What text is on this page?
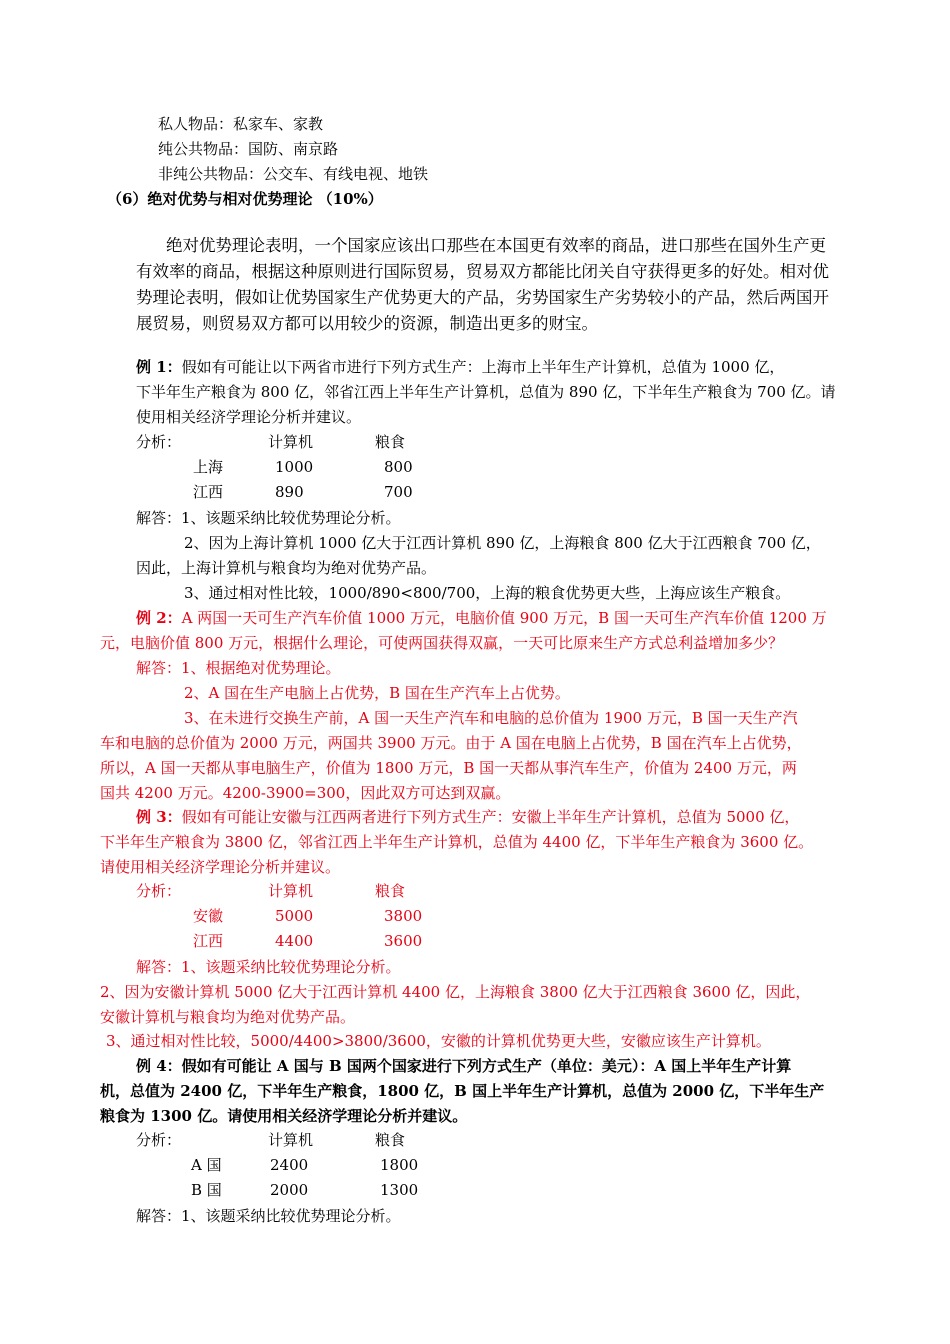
私人物品：私家车、家教
纯公共物品：国防、南京路
非纯公共物品：公交车、有线电视、地铁
（6）绝对优势与相对优势理论 （10%）
绝对优势理论表明，一个国家应该出口那些在本国更有效率的商品，进口那些在国外生产更
有效率的商品，根据这种原则进行国际贸易，贸易双方都能比闭关自守获得更多的好处。相对优
势理论表明，假如让优势国家生产优势更大的产品，劣势国家生产劣势较小的产品，然后两国开
展贸易，则贸易双方都可以用较少的资源，制造出更多的财宝。
例 1：假如有可能让以下两省市进行下列方式生产：上海市上半年生产计算机，总值为 1000 亿，
下半年生产粮食为 800 亿，邻省江西上半年生产计算机，总值为 890 亿，下半年生产粮食为 700 亿。请
使用相关经济学理论分析并建议。
分析：	计算机	粮食
上海	1000	800
江西	890	700
解答：1、该题采纳比较优势理论分析。
2、因为上海计算机 1000 亿大于江西计算机 890 亿，上海粮食 800 亿大于江西粮食 700 亿，
因此，上海计算机与粮食均为绝对优势产品。
3、通过相对性比较，1000/890<800/700，上海的粮食优势更大些，上海应该生产粮食。
例 2：A 两国一天可生产汽车价值 1000 万元，电脑价值 900 万元，B 国一天可生产汽车价值 1200 万
元，电脑价值 800 万元，根据什么理论，可使两国获得双赢，一天可比原来生产方式总利益增加多少？
解答：1、根据绝对优势理论。
2、A 国在生产电脑上占优势，B 国在生产汽车上占优势。
3、在未进行交换生产前，A 国一天生产汽车和电脑的总价值为 1900 万元，B 国一天生产汽
车和电脑的总价值为 2000 万元，两国共 3900 万元。由于 A 国在电脑上占优势，B 国在汽车上占优势，
所以，A 国一天都从事电脑生产，价值为 1800 万元，B 国一天都从事汽车生产，价值为 2400 万元，两
国共 4200 万元。4200-3900=300，因此双方可达到双赢。
例 3：假如有可能让安徽与江西两者进行下列方式生产：安徽上半年生产计算机，总值为 5000 亿，
下半年生产粮食为 3800 亿，邻省江西上半年生产计算机，总值为 4400 亿，下半年生产粮食为 3600 亿。
请使用相关经济学理论分析并建议。
分析：	计算机	粮食
安徽	5000	3800
江西	4400	3600
解答：1、该题采纳比较优势理论分析。
2、因为安徽计算机 5000 亿大于江西计算机 4400 亿，上海粮食 3800 亿大于江西粮食 3600 亿，因此，
安徽计算机与粮食均为绝对优势产品。
3、通过相对性比较，5000/4400>3800/3600，安徽的计算机优势更大些，安徽应该生产计算机。
例 4：假如有可能让 A 国与 B 国两个国家进行下列方式生产（单位：美元）：A 国上半年生产计算
机，总值为 2400 亿，下半年生产粮食，1800 亿，B 国上半年生产计算机，总值为 2000 亿，下半年生产
粮食为 1300 亿。请使用相关经济学理论分析并建议。
分析：	计算机	粮食
A 国	2400	1800
B 国	2000	1300
解答：1、该题采纳比较优势理论分析。
